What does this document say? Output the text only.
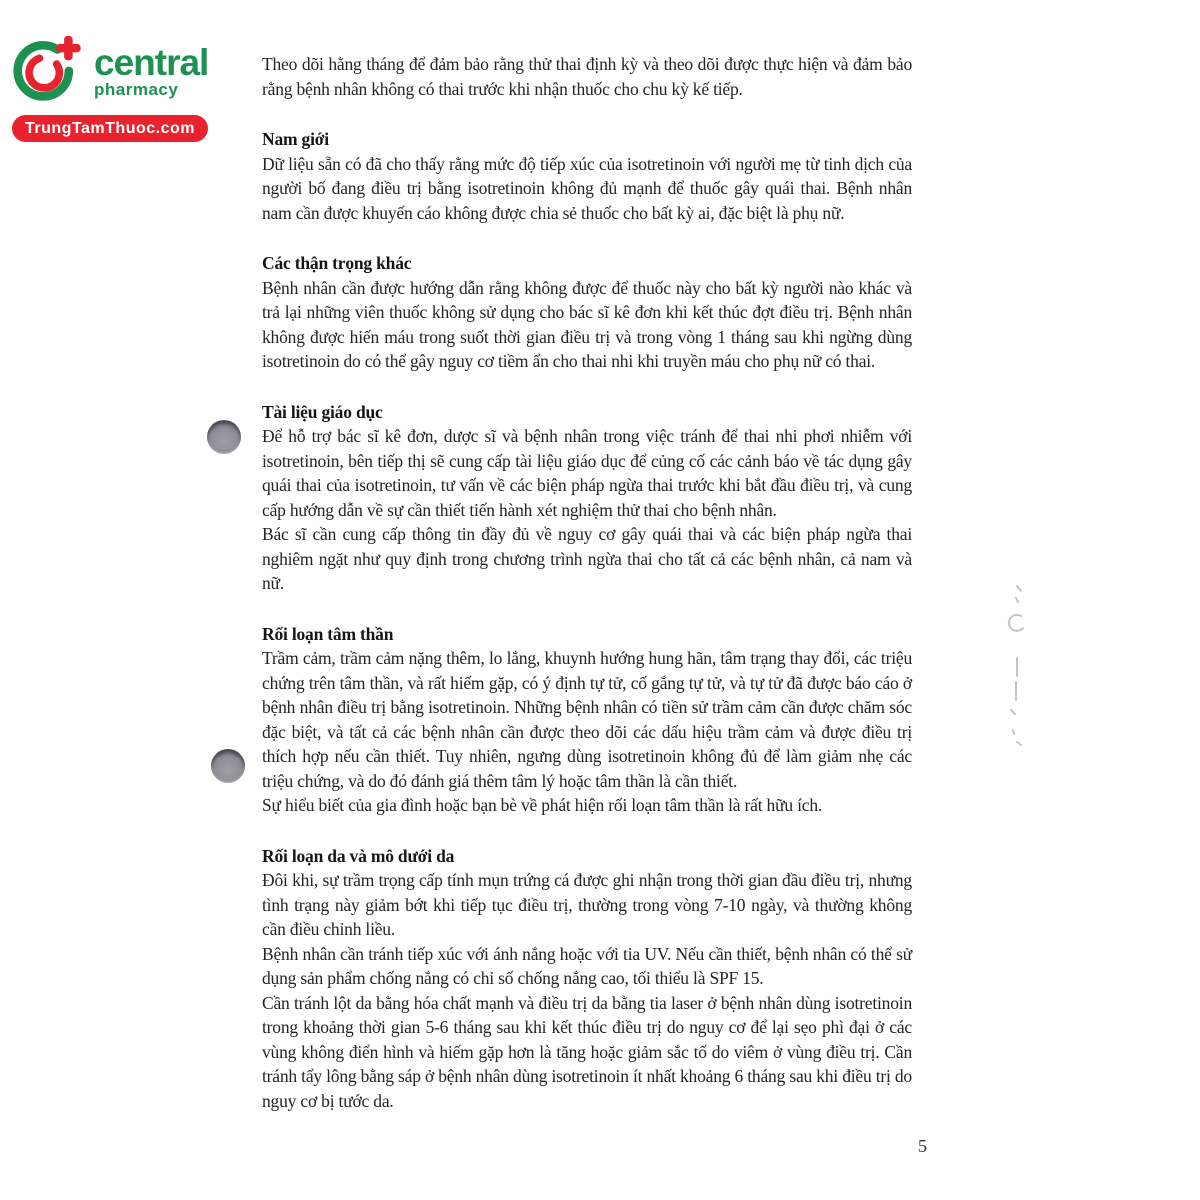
central
pharmacy
TrungTamThuoc.com

Theo dõi hằng tháng để đảm bảo rằng thử thai định kỳ và theo dõi được thực hiện và đảm bảo rằng bệnh nhân không có thai trước khi nhận thuốc cho chu kỳ kế tiếp.

Nam giới

Dữ liệu sẵn có đã cho thấy rằng mức độ tiếp xúc của isotretinoin với người mẹ từ tinh dịch của người bố đang điều trị bằng isotretinoin không đủ mạnh để thuốc gây quái thai. Bệnh nhân nam cần được khuyến cáo không được chia sẻ thuốc cho bất kỳ ai, đặc biệt là phụ nữ.

Các thận trọng khác

Bệnh nhân cần được hướng dẫn rằng không được để thuốc này cho bất kỳ người nào khác và trả lại những viên thuốc không sử dụng cho bác sĩ kê đơn khi kết thúc đợt điều trị. Bệnh nhân không được hiến máu trong suốt thời gian điều trị và trong vòng 1 tháng sau khi ngừng dùng isotretinoin do có thể gây nguy cơ tiềm ẩn cho thai nhi khi truyền máu cho phụ nữ có thai.

Tài liệu giáo dục

Để hỗ trợ bác sĩ kê đơn, dược sĩ và bệnh nhân trong việc tránh để thai nhi phơi nhiễm với isotretinoin, bên tiếp thị sẽ cung cấp tài liệu giáo dục để củng cố các cảnh báo về tác dụng gây quái thai của isotretinoin, tư vấn về các biện pháp ngừa thai trước khi bắt đầu điều trị, và cung cấp hướng dẫn về sự cần thiết tiến hành xét nghiệm thử thai cho bệnh nhân.

Bác sĩ cần cung cấp thông tin đầy đủ về nguy cơ gây quái thai và các biện pháp ngừa thai nghiêm ngặt như quy định trong chương trình ngừa thai cho tất cả các bệnh nhân, cả nam và nữ.

Rối loạn tâm thần

Trầm cảm, trầm cảm nặng thêm, lo lắng, khuynh hướng hung hãn, tâm trạng thay đổi, các triệu chứng trên tâm thần, và rất hiếm gặp, có ý định tự tử, cố gắng tự tử, và tự tử đã được báo cáo ở bệnh nhân điều trị bằng isotretinoin. Những bệnh nhân có tiền sử trầm cảm cần được chăm sóc đặc biệt, và tất cả các bệnh nhân cần được theo dõi các dấu hiệu trầm cảm và được điều trị thích hợp nếu cần thiết. Tuy nhiên, ngưng dùng isotretinoin không đủ để làm giảm nhẹ các triệu chứng, và do đó đánh giá thêm tâm lý hoặc tâm thần là cần thiết.

Sự hiểu biết của gia đình hoặc bạn bè về phát hiện rối loạn tâm thần là rất hữu ích.

Rối loạn da và mô dưới da

Đôi khi, sự trầm trọng cấp tính mụn trứng cá được ghi nhận trong thời gian đầu điều trị, nhưng tình trạng này giảm bớt khi tiếp tục điều trị, thường trong vòng 7-10 ngày, và thường không cần điều chỉnh liều.

Bệnh nhân cần tránh tiếp xúc với ánh nắng hoặc với tia UV. Nếu cần thiết, bệnh nhân có thể sử dụng sản phẩm chống nắng có chỉ số chống nắng cao, tối thiểu là SPF 15.

Cần tránh lột da bằng hóa chất mạnh và điều trị da bằng tia laser ở bệnh nhân dùng isotretinoin trong khoảng thời gian 5-6 tháng sau khi kết thúc điều trị do nguy cơ để lại sẹo phì đại ở các vùng không điển hình và hiếm gặp hơn là tăng hoặc giảm sắc tố do viêm ở vùng điều trị. Cần tránh tẩy lông bằng sáp ở bệnh nhân dùng isotretinoin ít nhất khoảng 6 tháng sau khi điều trị do nguy cơ bị tước da.

5
